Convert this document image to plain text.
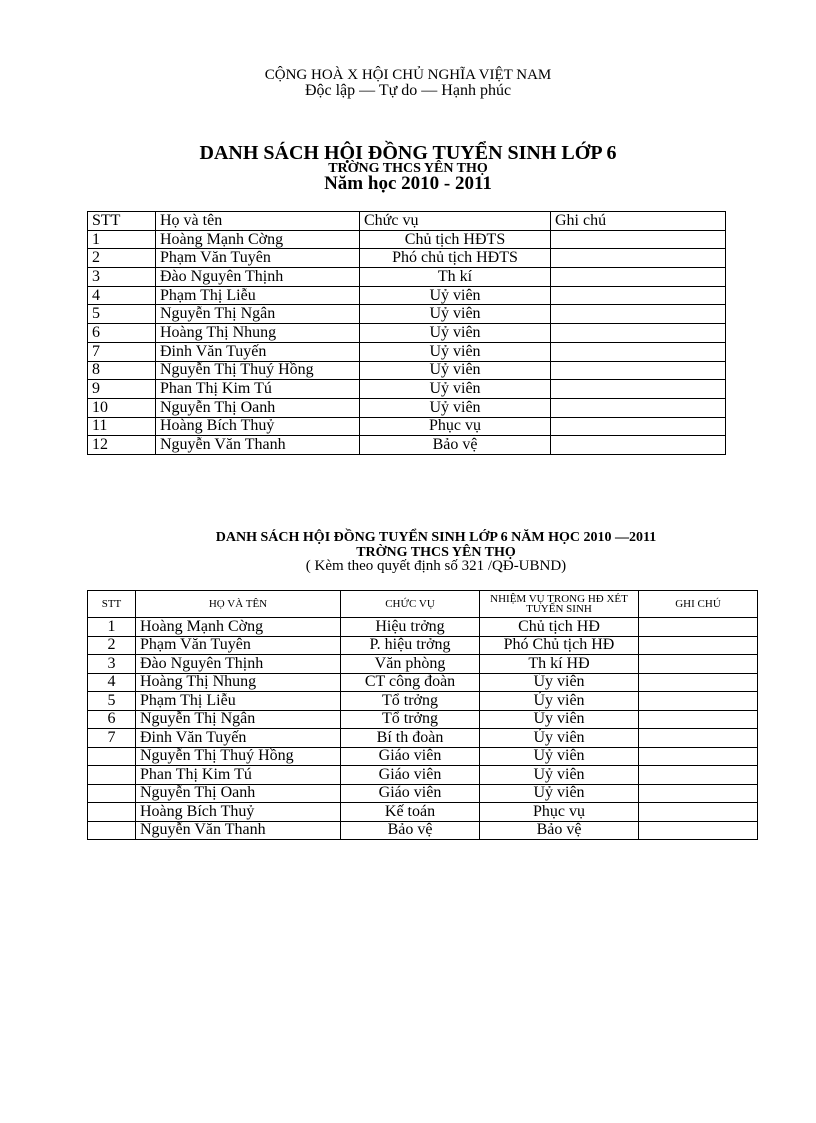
CỘNG HOÀ X HỘI CHỦ NGHĨA VIỆT NAM
Độc lập — Tự do — Hạnh phúc
DANH SÁCH HỘI ĐỒNG TUYỂN SINH LỚP 6
TRỜNG THCS YÊN THỌ
Năm học 2010 - 2011
STT	Họ và tên	Chức vụ	Ghi chú
1	Hoàng Mạnh Cờng	Chủ tịch HĐTS	
2	Phạm Văn Tuyên	Phó chủ tịch HĐTS	
3	Đào Nguyên Thịnh	Th kí	
4	Phạm Thị Liễu	Uỷ viên	
5	Nguyễn Thị Ngân	Uỷ viên	
6	Hoàng Thị Nhung	Uỷ viên	
7	Đinh Văn Tuyến	Uỷ viên	
8	Nguyễn Thị Thuý Hồng	Uỷ viên	
9	Phan Thị Kim Tú	Uỷ viên	
10	Nguyễn Thị Oanh	Uỷ viên	
11	Hoàng Bích Thuỷ	Phục vụ	
12	Nguyễn Văn Thanh	Bảo vệ	
DANH SÁCH HỘI ĐỒNG TUYỂN SINH LỚP 6 NĂM HỌC 2010 —2011
TRỜNG THCS YÊN THỌ
( Kèm theo quyết định số 321 /QĐ-UBND)
STT	HỌ VÀ TÊN	CHỨC VỤ	NHIỆM VỤ TRONG HĐ XÉT TUYỂN SINH	GHI CHÚ
1	Hoàng Mạnh Cờng	Hiệu trởng	Chủ tịch HĐ	
2	Phạm Văn Tuyên	P. hiệu trởng	Phó Chủ tịch HĐ	
3	Đào Nguyên Thịnh	Văn phòng	Th kí HĐ	
4	Hoàng Thị Nhung	CT công đoàn	Ủy viên	
5	Phạm Thị Liễu	Tổ trởng	Ủy viên	
6	Nguyễn Thị Ngân	Tổ trởng	Ủy viên	
7	Đinh Văn Tuyến	Bí th đoàn	Ủy viên	
	Nguyễn Thị Thuý Hồng	Giáo viên	Uỷ viên	
	Phan Thị Kim Tú	Giáo viên	Uỷ viên	
	Nguyễn Thị Oanh	Giáo viên	Uỷ viên	
	Hoàng Bích Thuỷ	Kế toán	Phục vụ	
	Nguyễn Văn Thanh	Bảo vệ	Bảo vệ	
